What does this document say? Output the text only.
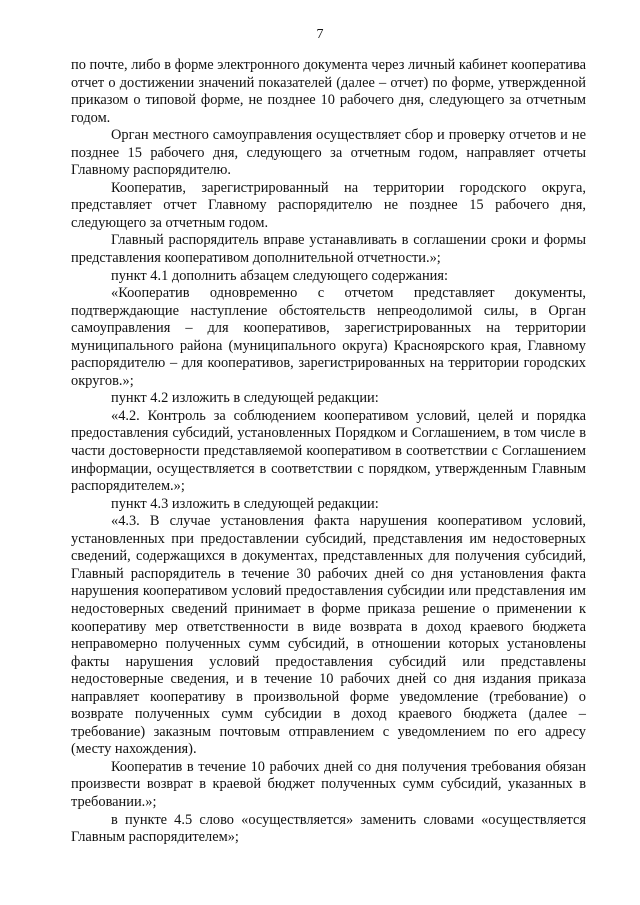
7

по почте, либо в форме электронного документа через личный кабинет кооператива отчет о достижении значений показателей (далее – отчет) по форме, утвержденной приказом о типовой форме, не позднее 10 рабочего дня, следующего за отчетным годом.

Орган местного самоуправления осуществляет сбор и проверку отчетов и не позднее 15 рабочего дня, следующего за отчетным годом, направляет отчеты Главному распорядителю.

Кооператив, зарегистрированный на территории городского округа, представляет отчет Главному распорядителю не позднее 15 рабочего дня, следующего за отчетным годом.

Главный распорядитель вправе устанавливать в соглашении сроки и формы представления кооперативом дополнительной отчетности.»;

пункт 4.1 дополнить абзацем следующего содержания:

«Кооператив одновременно с отчетом представляет документы, подтверждающие наступление обстоятельств непреодолимой силы, в Орган самоуправления – для кооперативов, зарегистрированных на территории муниципального района (муниципального округа) Красноярского края, Главному распорядителю – для кооперативов, зарегистрированных на территории городских округов.»;

пункт 4.2 изложить в следующей редакции:

«4.2. Контроль за соблюдением кооперативом условий, целей и порядка предоставления субсидий, установленных Порядком и Соглашением, в том числе в части достоверности представляемой кооперативом в соответствии с Соглашением информации, осуществляется в соответствии с порядком, утвержденным Главным распорядителем.»;

пункт 4.3 изложить в следующей редакции:

«4.3. В случае установления факта нарушения кооперативом условий, установленных при предоставлении субсидий, представления им недостоверных сведений, содержащихся в документах, представленных для получения субсидий, Главный распорядитель в течение 30 рабочих дней со дня установления факта нарушения кооперативом условий предоставления субсидии или представления им недостоверных сведений принимает в форме приказа решение о применении к кооперативу мер ответственности в виде возврата в доход краевого бюджета неправомерно полученных сумм субсидий, в отношении которых установлены факты нарушения условий предоставления субсидий или представлены недостоверные сведения, и в течение 10 рабочих дней со дня издания приказа направляет кооперативу в произвольной форме уведомление (требование) о возврате полученных сумм субсидии в доход краевого бюджета (далее – требование) заказным почтовым отправлением с уведомлением по его адресу (месту нахождения).

Кооператив в течение 10 рабочих дней со дня получения требования обязан произвести возврат в краевой бюджет полученных сумм субсидий, указанных в требовании.»;

в пункте 4.5 слово «осуществляется» заменить словами «осуществляется Главным распорядителем»;
